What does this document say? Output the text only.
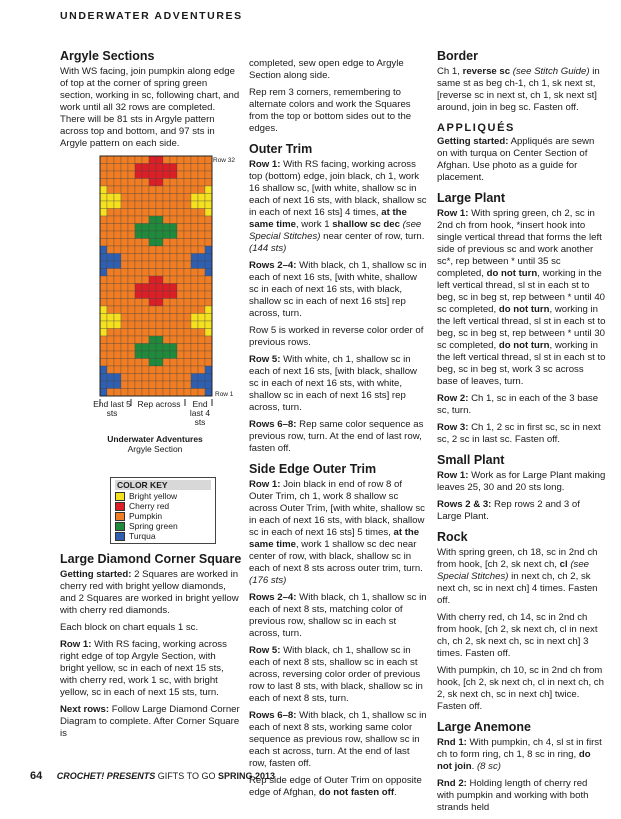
UNDERWATER ADVENTURES
Argyle Sections

With WS facing, join pumpkin along edge of top at the corner of spring green section, working in sc, following chart, and work until all 32 rows are completed. There will be 81 sts in Argyle pattern across top and bottom, and 97 sts in Argyle pattern on each side.

Row 32
Row 1
End last 5 sts
Rep across	End last 4 sts
Underwater Adventures
Argyle Section
COLOR KEY
Bright yellow
Cherry red
Pumpkin
Spring green
Turqua
Large Diamond Corner Square

Getting started: 2 Squares are worked in cherry red with bright yellow diamonds, and 2 Squares are worked in bright yellow with cherry red diamonds.

Each block on chart equals 1 sc.

Row 1: With RS facing, working across right edge of top Argyle Section, with bright yellow, sc in each of next 15 sts, with cherry red, work 1 sc, with bright yellow, sc in each of next 15 sts, turn.

Next rows: Follow Large Diamond Corner Diagram to complete. After Corner Square is

completed, sew open edge to Argyle Section along side.

Rep rem 3 corners, remembering to alternate colors and work the Squares from the top or bottom sides out to the edges.

Outer Trim

Row 1: With RS facing, working across top (bottom) edge, join black, ch 1, work 16 shallow sc, [with white, shallow sc in each of next 16 sts, with black, shallow sc in each of next 16 sts] 4 times, at the same time, work 1 shallow sc dec (see Special Stitches) near center of row, turn. (144 sts)

Rows 2–4: With black, ch 1, shallow sc in each of next 16 sts, [with white, shallow sc in each of next 16 sts, with black, shallow sc in each of next 16 sts] rep across, turn.

Row 5 is worked in reverse color order of previous rows.

Row 5: With white, ch 1, shallow sc in each of next 16 sts, [with black, shallow sc in each of next 16 sts, with white, shallow sc in each of next 16 sts] rep across, turn.

Rows 6–8: Rep same color sequence as previous row, turn. At the end of last row, fasten off.

Side Edge Outer Trim

Row 1: Join black in end of row 8 of Outer Trim, ch 1, work 8 shallow sc across Outer Trim, [with white, shallow sc in each of next 16 sts, with black, shallow sc in each of next 16 sts] 5 times, at the same time, work 1 shallow sc dec near center of row, with black, shallow sc in each of next 8 sts across outer trim, turn. (176 sts)

Rows 2–4: With black, ch 1, shallow sc in each of next 8 sts, matching color of previous row, shallow sc in each st across, turn.

Row 5: With black, ch 1, shallow sc in each of next 8 sts, shallow sc in each st across, reversing color order of previous row to last 8 sts, with black, shallow sc in each of next 8 sts, turn.

Rows 6–8: With black, ch 1, shallow sc in each of next 8 sts, working same color sequence as previous row, shallow sc in each st across, turn. At the end of last row, fasten off.

Rep side edge of Outer Trim on opposite edge of Afghan, do not fasten off.

Border

Ch 1, reverse sc (see Stitch Guide) in same st as beg ch-1, ch 1, sk next st, [reverse sc in next st, ch 1, sk next st] around, join in beg sc. Fasten off.

APPLIQUÉS

Getting started: Appliqués are sewn on with turqua on Center Section of Afghan. Use photo as a guide for placement.

Large Plant

Row 1: With spring green, ch 2, sc in 2nd ch from hook, *insert hook into single vertical thread that forms the left side of previous sc and work another sc*, rep between * until 35 sc completed, do not turn, working in the left vertical thread, sl st in each st to beg, sc in beg st, rep between * until 40 sc completed, do not turn, working in the left vertical thread, sl st in each st to beg, sc in beg st, rep between * until 30 sc completed, do not turn, working in the left vertical thread, sl st in each st to beg, sc in beg st, work 3 sc across base of leaves, turn.

Row 2: Ch 1, sc in each of the 3 base sc, turn.

Row 3: Ch 1, 2 sc in first sc, sc in next sc, 2 sc in last sc. Fasten off.

Small Plant

Row 1: Work as for Large Plant making leaves 25, 30 and 20 sts long.

Rows 2 & 3: Rep rows 2 and 3 of Large Plant.

Rock

With spring green, ch 18, sc in 2nd ch from hook, [ch 2, sk next ch, cl (see Special Stitches) in next ch, ch 2, sk next ch, sc in next ch] 4 times. Fasten off.

With cherry red, ch 14, sc in 2nd ch from hook, [ch 2, sk next ch, cl in next ch, ch 2, sk next ch, sc in next ch] 3 times. Fasten off.

With pumpkin, ch 10, sc in 2nd ch from hook, [ch 2, sk next ch, cl in next ch, ch 2, sk next ch, sc in next ch] twice. Fasten off.

Large Anemone

Rnd 1: With pumpkin, ch 4, sl st in first ch to form ring, ch 1, 8 sc in ring, do not join. (8 sc)

Rnd 2: Holding length of cherry red with pumpkin and working with both strands held

64 CROCHET! PRESENTS GIFTS TO GO SPRING 2013
